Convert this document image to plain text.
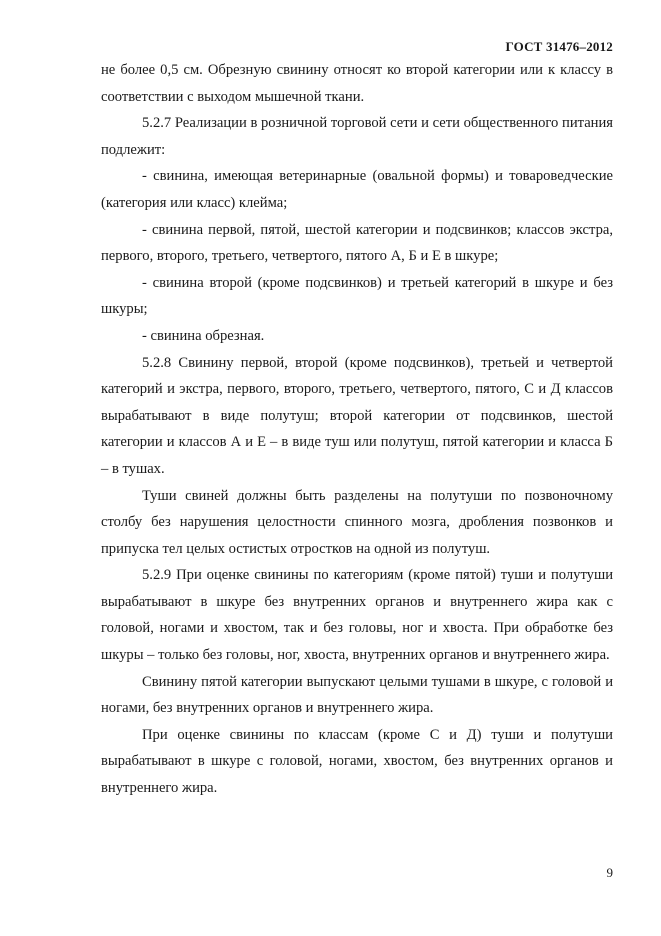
ГОСТ 31476–2012

не более 0,5 см. Обрезную свинину относят ко второй категории или к классу в соответствии с выходом мышечной ткани.

5.2.7 Реализации в розничной торговой сети и сети общественного питания подлежит:

- свинина, имеющая ветеринарные (овальной формы) и товароведческие (категория или класс) клейма;

- свинина первой, пятой, шестой категории и подсвинков; классов экстра, первого, второго, третьего, четвертого, пятого А, Б и Е в шкуре;

- свинина второй (кроме подсвинков) и третьей категорий в шкуре и без шкуры;

- свинина обрезная.

5.2.8 Свинину первой, второй (кроме подсвинков), третьей и четвертой категорий и экстра, первого, второго, третьего, четвертого, пятого, С и Д классов вырабатывают в виде полутуш; второй категории от подсвинков, шестой категории и классов А и Е – в виде туш или полутуш, пятой категории и класса Б – в тушах.

Туши свиней должны быть разделены на полутуши по позвоночному столбу без нарушения целостности спинного мозга, дробления позвонков и припуска тел целых остистых отростков на одной из полутуш.

5.2.9 При оценке свинины по категориям (кроме пятой) туши и полутуши вырабатывают в шкуре без внутренних органов и внутреннего жира как с головой, ногами и хвостом, так и без головы, ног и хвоста. При обработке без шкуры – только без головы, ног, хвоста, внутренних органов и внутреннего жира.

Свинину пятой категории выпускают целыми тушами в шкуре, с головой и ногами, без внутренних органов и внутреннего жира.

При оценке свинины по классам (кроме С и Д) туши и полутуши вырабатывают в шкуре с головой, ногами, хвостом, без внутренних органов и внутреннего жира.

9
